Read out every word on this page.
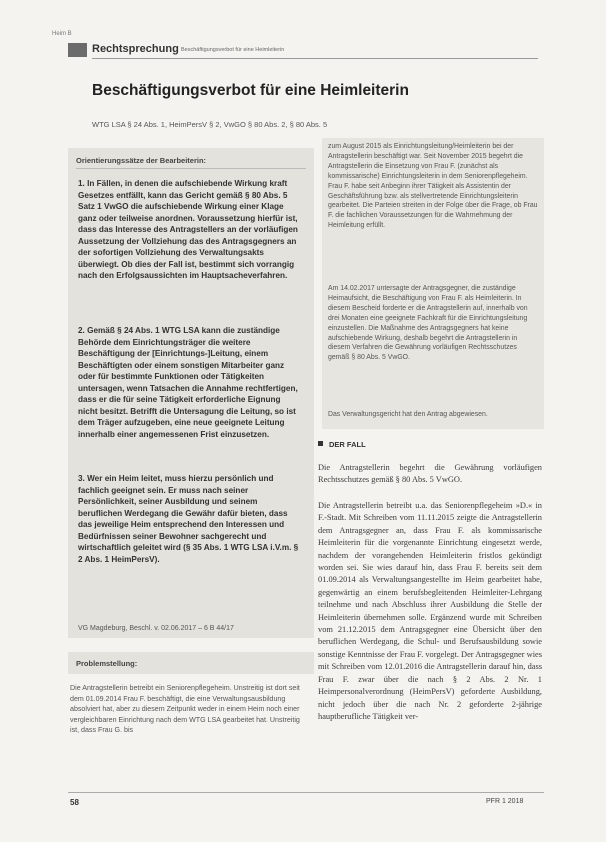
Heim B
Rechtsprechung Beschäftigungsverbot für eine Heimleiterin
Beschäftigungsverbot für eine Heimleiterin
WTG LSA § 24 Abs. 1, HeimPersV § 2, VwGO § 80 Abs. 2, § 80 Abs. 5
Orientierungssätze der Bearbeiterin:

1. In Fällen, in denen die aufschiebende Wirkung kraft Gesetzes entfällt, kann das Gericht gemäß § 80 Abs. 5 Satz 1 VwGO die aufschiebende Wirkung einer Klage ganz oder teilweise anordnen. Voraussetzung hierfür ist, dass das Interesse des Antragstellers an der vorläufigen Aussetzung der Vollziehung das des Antragsgegners an der sofortigen Vollziehung des Verwaltungsakts überwiegt. Ob dies der Fall ist, bestimmt sich vorrangig nach den Erfolgsaussichten im Hauptsacheverfahren.

2. Gemäß § 24 Abs. 1 WTG LSA kann die zuständige Behörde dem Einrichtungsträger die weitere Beschäftigung der [Einrichtungs-]Leitung, einem Beschäftigten oder einem sonstigen Mitarbeiter ganz oder für bestimmte Funktionen oder Tätigkeiten untersagen, wenn Tatsachen die Annahme rechtfertigen, dass er die für seine Tätigkeit erforderliche Eignung nicht besitzt. Betrifft die Untersagung die Leitung, so ist dem Träger aufzugeben, eine neue geeignete Leitung innerhalb einer angemessenen Frist einzusetzen.

3. Wer ein Heim leitet, muss hierzu persönlich und fachlich geeignet sein. Er muss nach seiner Persönlichkeit, seiner Ausbildung und seinem beruflichen Werdegang die Gewähr dafür bieten, dass das jeweilige Heim entsprechend den Interessen und Bedürfnissen seiner Bewohner sachgerecht und wirtschaftlich geleitet wird (§ 35 Abs. 1 WTG LSA i.V.m. § 2 Abs. 1 HeimPersV).

VG Magdeburg, Beschl. v. 02.06.2017 – 6 B 44/17
Problemstellung:

Die Antragstellerin betreibt ein Seniorenpflegeheim. Unstreitig ist dort seit dem 01.09.2014 Frau F. beschäftigt, die eine Verwaltungsausbildung absolviert hat, aber zu diesem Zeitpunkt weder in einem Heim noch einer vergleichbaren Einrichtung nach dem WTG LSA gearbeitet hat. Unstreitig ist, dass Frau G. bis

zum August 2015 als Einrichtungsleitung/Heimleiterin bei der Antragstellerin beschäftigt war. Seit November 2015 begehrt die Antragstellerin die Einsetzung von Frau F. (zunächst als kommissarische) Einrichtungsleiterin in dem Seniorenpflegeheim. Frau F. habe seit Anbeginn ihrer Tätigkeit als Assistentin der Geschäftsführung bzw. als stellvertretende Einrichtungsleiterin gearbeitet. Die Parteien streiten in der Folge über die Frage, ob Frau F. die fachlichen Voraussetzungen für die Wahrnehmung der Heimleitung erfüllt.

Am 14.02.2017 untersagte der Antragsgegner, die zuständige Heimaufsicht, die Beschäftigung von Frau F. als Heimleiterin. In diesem Bescheid forderte er die Antragstellerin auf, innerhalb von drei Monaten eine geeignete Fachkraft für die Einrichtungsleitung einzustellen. Die Maßnahme des Antragsgegners hat keine aufschiebende Wirkung, deshalb begehrt die Antragstellerin in diesem Verfahren die Gewährung vorläufigen Rechtsschutzes gemäß § 80 Abs. 5 VwGO.

Das Verwaltungsgericht hat den Antrag abgewiesen.

DER FALL

Die Antragstellerin begehrt die Gewährung vorläufigen Rechtsschutzes gemäß § 80 Abs. 5 VwGO.

Die Antragstellerin betreibt u.a. das Seniorenpflegeheim »D.« in F.-Stadt. Mit Schreiben vom 11.11.2015 zeigte die Antragstellerin dem Antragsgegner an, dass Frau F. als kommissarische Heimleiterin für die vorgenannte Einrichtung eingesetzt werde, nachdem der vorangehenden Heimleiterin fristlos gekündigt worden sei. Sie wies darauf hin, dass Frau F. bereits seit dem 01.09.2014 als Verwaltungsangestellte im Heim gearbeitet habe, gegenwärtig an einem berufsbegleitenden Heimleiter-Lehrgang teilnehme und nach Abschluss ihrer Ausbildung die Stelle der Heimleiterin übernehmen solle. Ergänzend wurde mit Schreiben vom 21.12.2015 dem Antragsgegner eine Übersicht über den beruflichen Werdegang, die Schul- und Berufsausbildung sowie sonstige Kenntnisse der Frau F. vorgelegt. Der Antragsgegner wies mit Schreiben vom 12.01.2016 die Antragstellerin darauf hin, dass Frau F. zwar über die nach § 2 Abs. 2 Nr. 1 Heimpersonalverordnung (HeimPersV) geforderte Ausbildung, nicht jedoch über die nach Nr. 2 geforderte 2-jährige hauptberufliche Tätigkeit ver-

58	PFR 1 2018
